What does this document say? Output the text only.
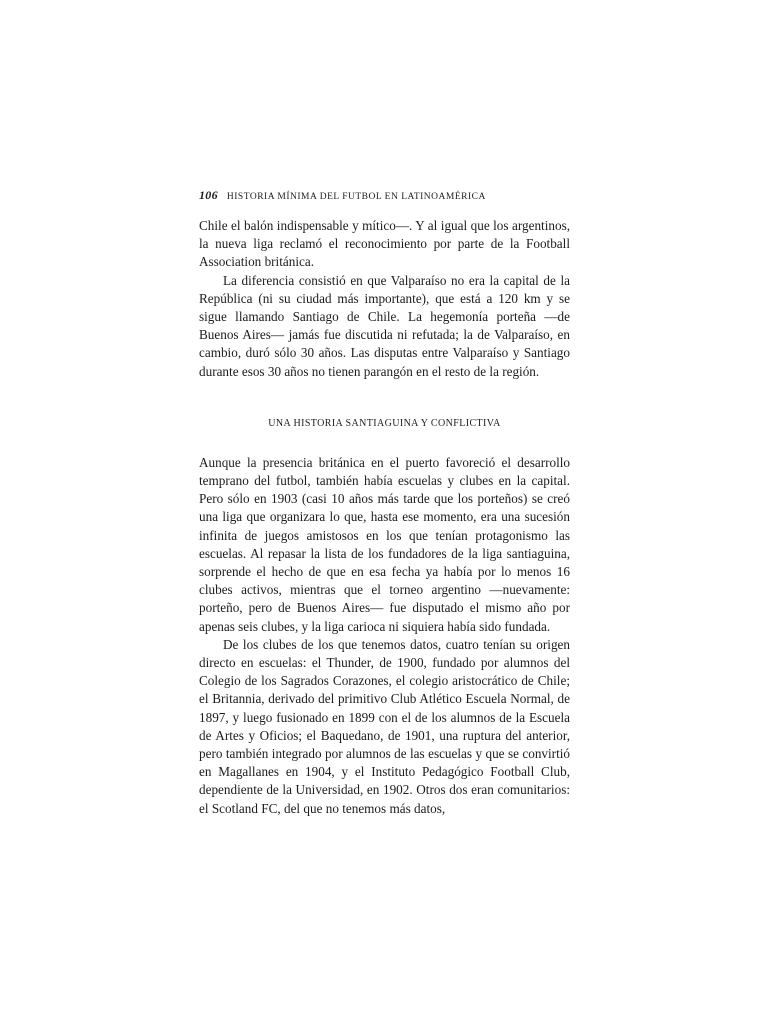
106 HISTORIA MÍNIMA DEL FUTBOL EN LATINOAMÉRICA

Chile el balón indispensable y mítico—. Y al igual que los argentinos, la nueva liga reclamó el reconocimiento por parte de la Football Association británica.

La diferencia consistió en que Valparaíso no era la capital de la República (ni su ciudad más importante), que está a 120 km y se sigue llamando Santiago de Chile. La hegemonía porteña —de Buenos Aires— jamás fue discutida ni refutada; la de Valparaíso, en cambio, duró sólo 30 años. Las disputas entre Valparaíso y Santiago durante esos 30 años no tienen parangón en el resto de la región.

UNA HISTORIA SANTIAGUINA Y CONFLICTIVA

Aunque la presencia británica en el puerto favoreció el desarrollo temprano del futbol, también había escuelas y clubes en la capital. Pero sólo en 1903 (casi 10 años más tarde que los porteños) se creó una liga que organizara lo que, hasta ese momento, era una sucesión infinita de juegos amistosos en los que tenían protagonismo las escuelas. Al repasar la lista de los fundadores de la liga santiaguina, sorprende el hecho de que en esa fecha ya había por lo menos 16 clubes activos, mientras que el torneo argentino —nuevamente: porteño, pero de Buenos Aires— fue disputado el mismo año por apenas seis clubes, y la liga carioca ni siquiera había sido fundada.

De los clubes de los que tenemos datos, cuatro tenían su origen directo en escuelas: el Thunder, de 1900, fundado por alumnos del Colegio de los Sagrados Corazones, el colegio aristocrático de Chile; el Britannia, derivado del primitivo Club Atlético Escuela Normal, de 1897, y luego fusionado en 1899 con el de los alumnos de la Escuela de Artes y Oficios; el Baquedano, de 1901, una ruptura del anterior, pero también integrado por alumnos de las escuelas y que se convirtió en Magallanes en 1904, y el Instituto Pedagógico Football Club, dependiente de la Universidad, en 1902. Otros dos eran comunitarios: el Scotland FC, del que no tenemos más datos,
